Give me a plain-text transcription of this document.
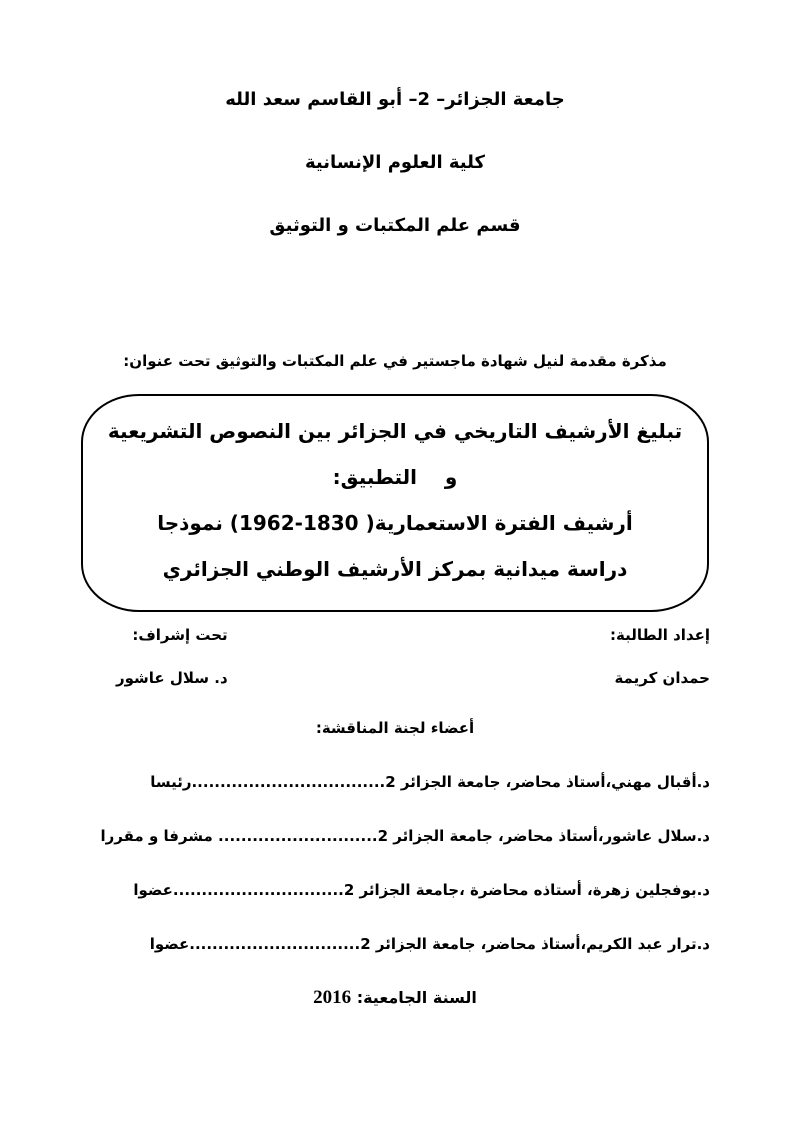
جامعة الجزائر– 2– أبو القاسم سعد الله
كلية العلوم الإنسانية
قسم علم المكتبات و التوثيق
مذكرة مقدمة لنيل شهادة ماجستير في علم المكتبات والتوثيق تحت عنوان:
تبليغ الأرشيف التاريخي في الجزائر بين النصوص التشريعية
و    التطبيق:
أرشيف الفترة الاستعمارية( 1830-1962) نموذجا
دراسة ميدانية بمركز الأرشيف الوطني الجزائري
إعداد الطالبة:
حمدان كريمة
تحت إشراف:
د. سلال عاشور
أعضاء لجنة المناقشة:
د.أقبال مهني،أستاذ محاضر، جامعة الجزائر 2..................................رئيسا
د.سلال عاشور،أستاذ محاضر، جامعة الجزائر 2............................ مشرفا و مقررا
د.بوفجلين زهرة، أستاذه محاضرة ،جامعة الجزائر 2..............................عضوا
د.ترار عبد الكريم،أستاذ محاضر، جامعة الجزائر 2..............................عضوا
السنة الجامعية: 2016
